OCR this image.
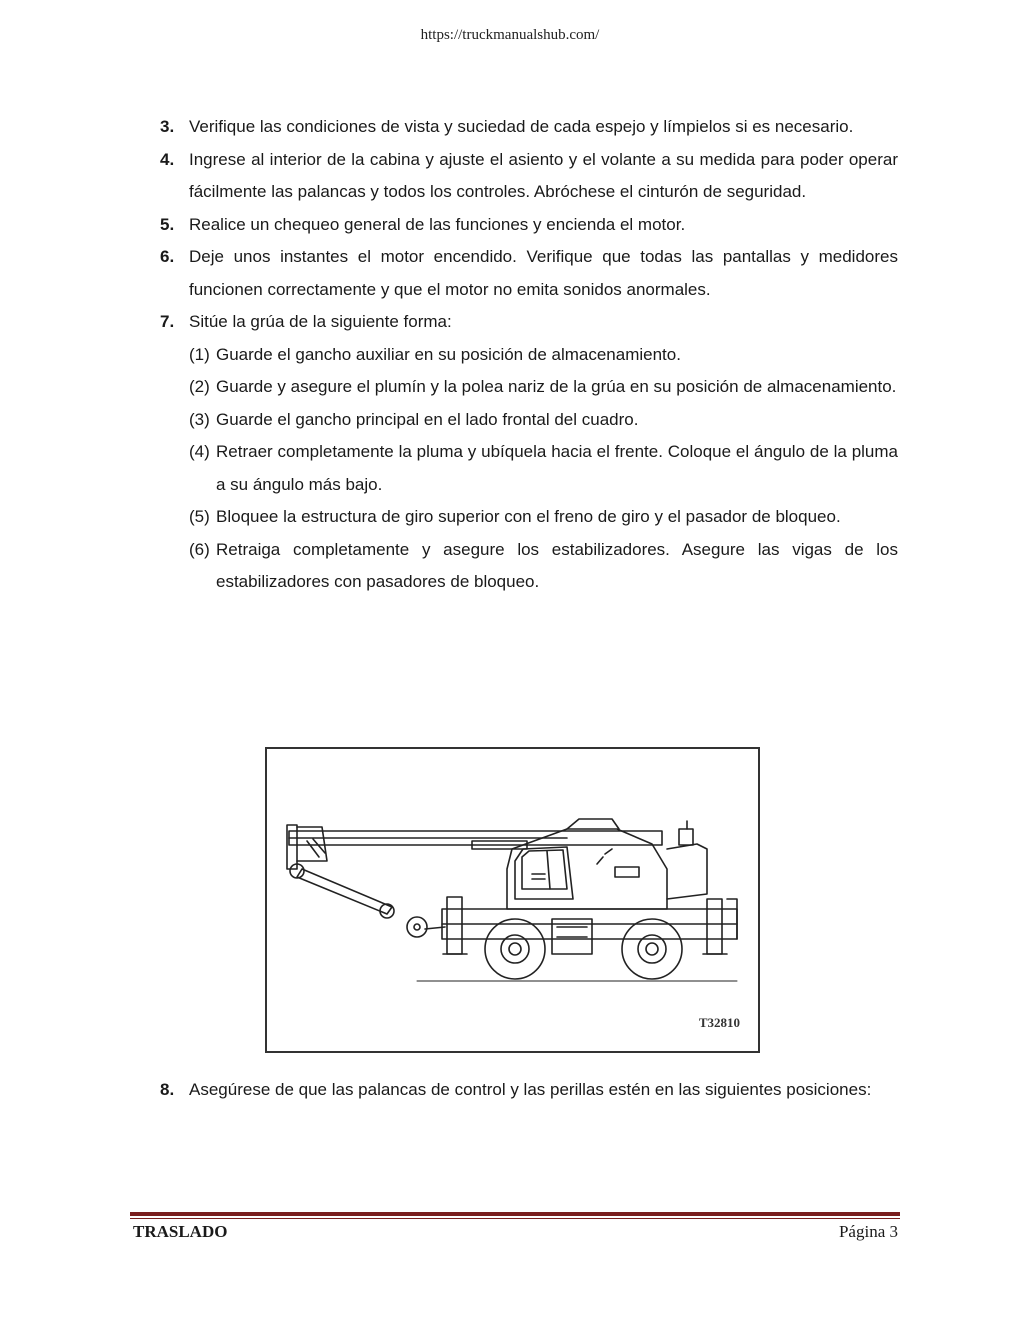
https://truckmanualshub.com/
3. Verifique las condiciones de vista y suciedad de cada espejo y límpielos si es necesario.
4. Ingrese al interior de la cabina y ajuste el asiento y el volante a su medida para poder operar fácilmente las palancas y todos los controles. Abróchese el cinturón de seguridad.
5. Realice un chequeo general de las funciones y encienda el motor.
6. Deje unos instantes el motor encendido. Verifique que todas las pantallas y medidores funcionen correctamente y que el motor no emita sonidos anormales.
7. Sitúe la grúa de la siguiente forma:
(1) Guarde el gancho auxiliar en su posición de almacenamiento.
(2) Guarde y asegure el plumín y la polea nariz de la grúa en su posición de almacenamiento.
(3) Guarde el gancho principal en el lado frontal del cuadro.
(4) Retraer completamente la pluma y ubíquela hacia el frente. Coloque el ángulo de la pluma a su ángulo más bajo.
(5) Bloquee la estructura de giro superior con el freno de giro y el pasador de bloqueo.
(6) Retraiga completamente y asegure los estabilizadores. Asegure las vigas de los estabilizadores con pasadores de bloqueo.
T32810
8. Asegúrese de que las palancas de control y las perillas estén en las siguientes posiciones:
TRASLADO	Página 3
